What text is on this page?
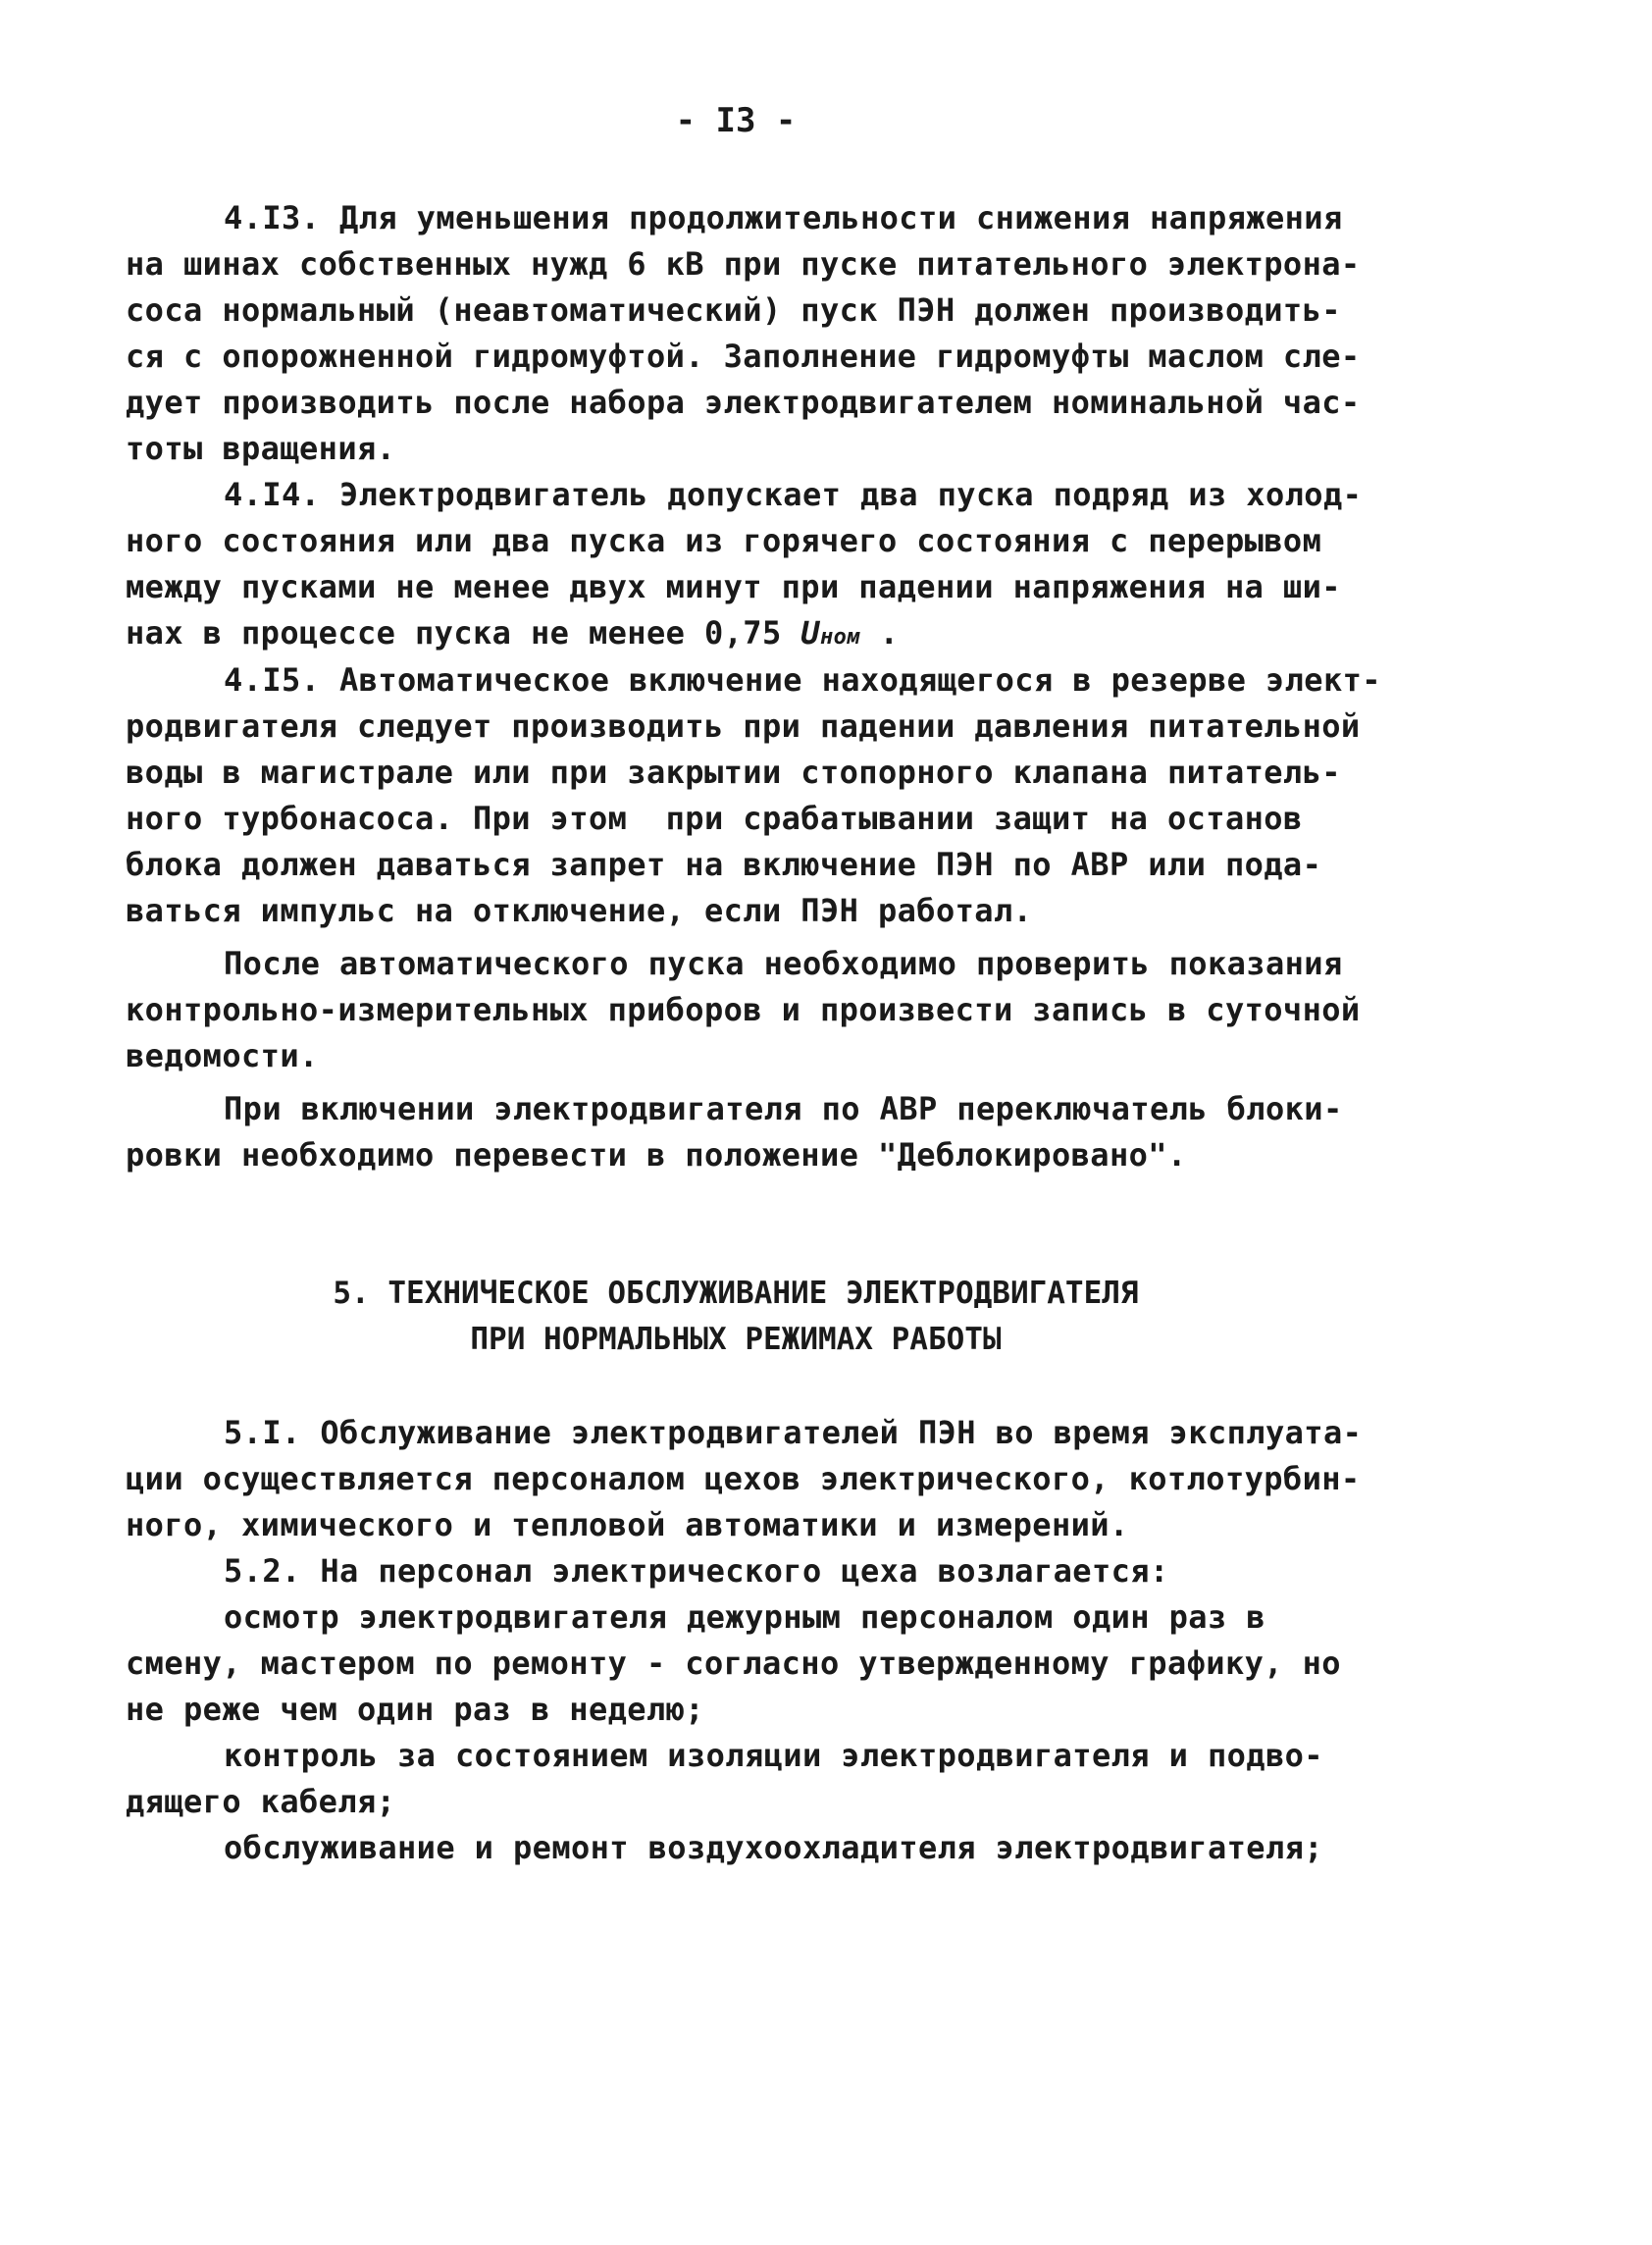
- I3 -
4.I3. Для уменьшения продолжительности снижения напряжения
на шинах собственных нужд 6 кВ при пуске питательного электрона-
соса нормальный (неавтоматический) пуск ПЭН должен производить-
ся с опорожненной гидромуфтой. Заполнение гидромуфты маслом сле-
дует производить после набора электродвигателем номинальной час-
тоты вращения.
4.I4. Электродвигатель допускает два пуска подряд из холод-
ного состояния или два пуска из горячего состояния с перерывом
между пусками не менее двух минут при падении напряжения на ши-
нах в процессе пуска не менее 0,75 Uном .
4.I5. Автоматическое включение находящегося в резерве элект-
родвигателя следует производить при падении давления питательной
воды в магистрале или при закрытии стопорного клапана питатель-
ного турбонасоса. При этом  при срабатывании защит на останов
блока должен даваться запрет на включение ПЭН по АВР или пода-
ваться импульс на отключение, если ПЭН работал.
После автоматического пуска необходимо проверить показания
контрольно-измерительных приборов и произвести запись в суточной
ведомости.
При включении электродвигателя по АВР переключатель блоки-
ровки необходимо перевести в положение "Деблокировано".
5. ТЕХНИЧЕСКОЕ ОБСЛУЖИВАНИЕ ЭЛЕКТРОДВИГАТЕЛЯ
ПРИ НОРМАЛЬНЫХ РЕЖИМАХ РАБОТЫ
5.I. Обслуживание электродвигателей ПЭН во время эксплуата-
ции осуществляется персоналом цехов электрического, котлотурбин-
ного, химического и тепловой автоматики и измерений.
5.2. На персонал электрического цеха возлагается:
осмотр электродвигателя дежурным персоналом один раз в
смену, мастером по ремонту - согласно утвержденному графику, но
не реже чем один раз в неделю;
контроль за состоянием изоляции электродвигателя и подво-
дящего кабеля;
обслуживание и ремонт воздухоохладителя электродвигателя;
